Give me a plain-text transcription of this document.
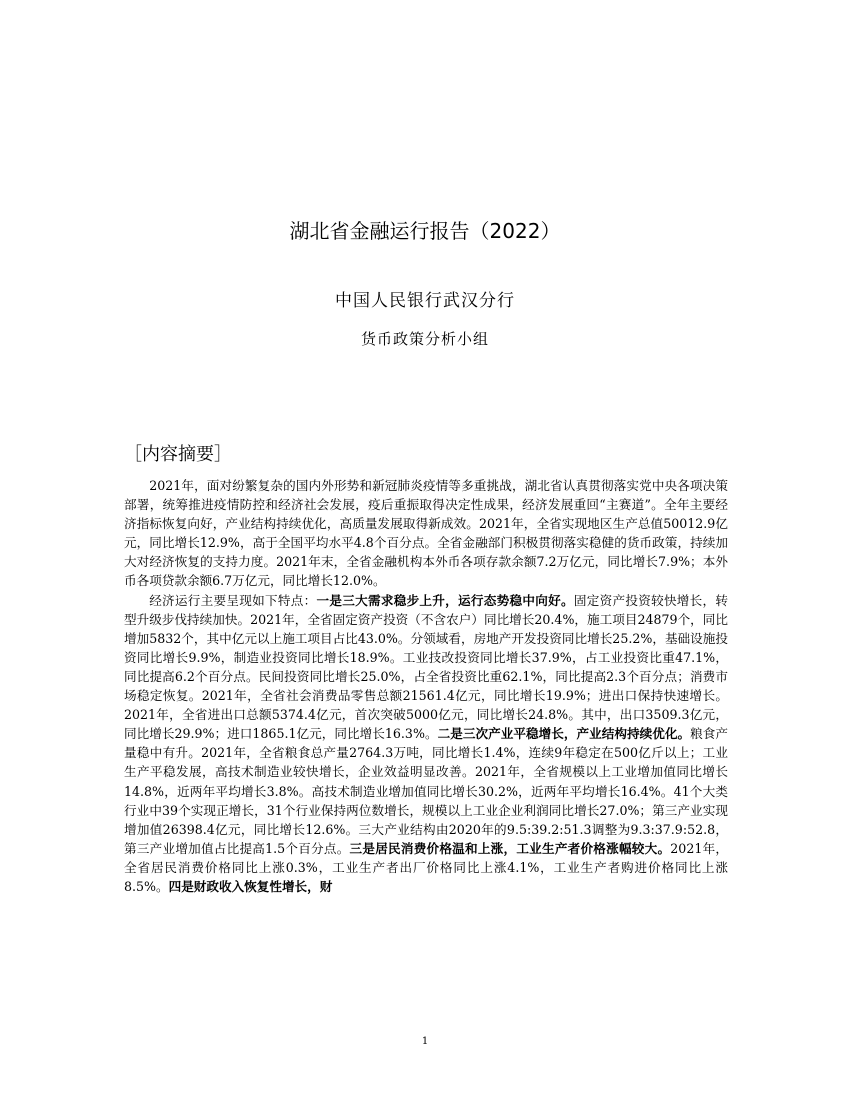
湖北省金融运行报告（2022）
中国人民银行武汉分行
货币政策分析小组
［内容摘要］

2021年，面对纷繁复杂的国内外形势和新冠肺炎疫情等多重挑战，湖北省认真贯彻落实党中央各项决策部署，统筹推进疫情防控和经济社会发展，疫后重振取得决定性成果，经济发展重回“主赛道”。全年主要经济指标恢复向好，产业结构持续优化，高质量发展取得新成效。2021年，全省实现地区生产总值50012.9亿元，同比增长12.9%，高于全国平均水平4.8个百分点。全省金融部门积极贯彻落实稳健的货币政策，持续加大对经济恢复的支持力度。2021年末，全省金融机构本外币各项存款余额7.2万亿元，同比增长7.9%；本外币各项贷款余额6.7万亿元，同比增长12.0%。

经济运行主要呈现如下特点：一是三大需求稳步上升，运行态势稳中向好。固定资产投资较快增长，转型升级步伐持续加快。2021年，全省固定资产投资（不含农户）同比增长20.4%，施工项目24879个，同比增加5832个，其中亿元以上施工项目占比43.0%。分领域看，房地产开发投资同比增长25.2%，基础设施投资同比增长9.9%，制造业投资同比增长18.9%。工业技改投资同比增长37.9%，占工业投资比重47.1%，同比提高6.2个百分点。民间投资同比增长25.0%，占全省投资比重62.1%，同比提高2.3个百分点；消费市场稳定恢复。2021年，全省社会消费品零售总额21561.4亿元，同比增长19.9%；进出口保持快速增长。2021年，全省进出口总额5374.4亿元，首次突破5000亿元，同比增长24.8%。其中，出口3509.3亿元，同比增长29.9%；进口1865.1亿元，同比增长16.3%。二是三次产业平稳增长，产业结构持续优化。粮食产量稳中有升。2021年，全省粮食总产量2764.3万吨，同比增长1.4%，连续9年稳定在500亿斤以上；工业生产平稳发展，高技术制造业较快增长，企业效益明显改善。2021年，全省规模以上工业增加值同比增长14.8%，近两年平均增长3.8%。高技术制造业增加值同比增长30.2%，近两年平均增长16.4%。41个大类行业中39个实现正增长，31个行业保持两位数增长，规模以上工业企业利润同比增长27.0%；第三产业实现增加值26398.4亿元，同比增长12.6%。三大产业结构由2020年的9.5:39.2:51.3调整为9.3:37.9:52.8，第三产业增加值占比提高1.5个百分点。三是居民消费价格温和上涨，工业生产者价格涨幅较大。2021年，全省居民消费价格同比上涨0.3%，工业生产者出厂价格同比上涨4.1%，工业生产者购进价格同比上涨8.5%。四是财政收入恢复性增长，财

1
